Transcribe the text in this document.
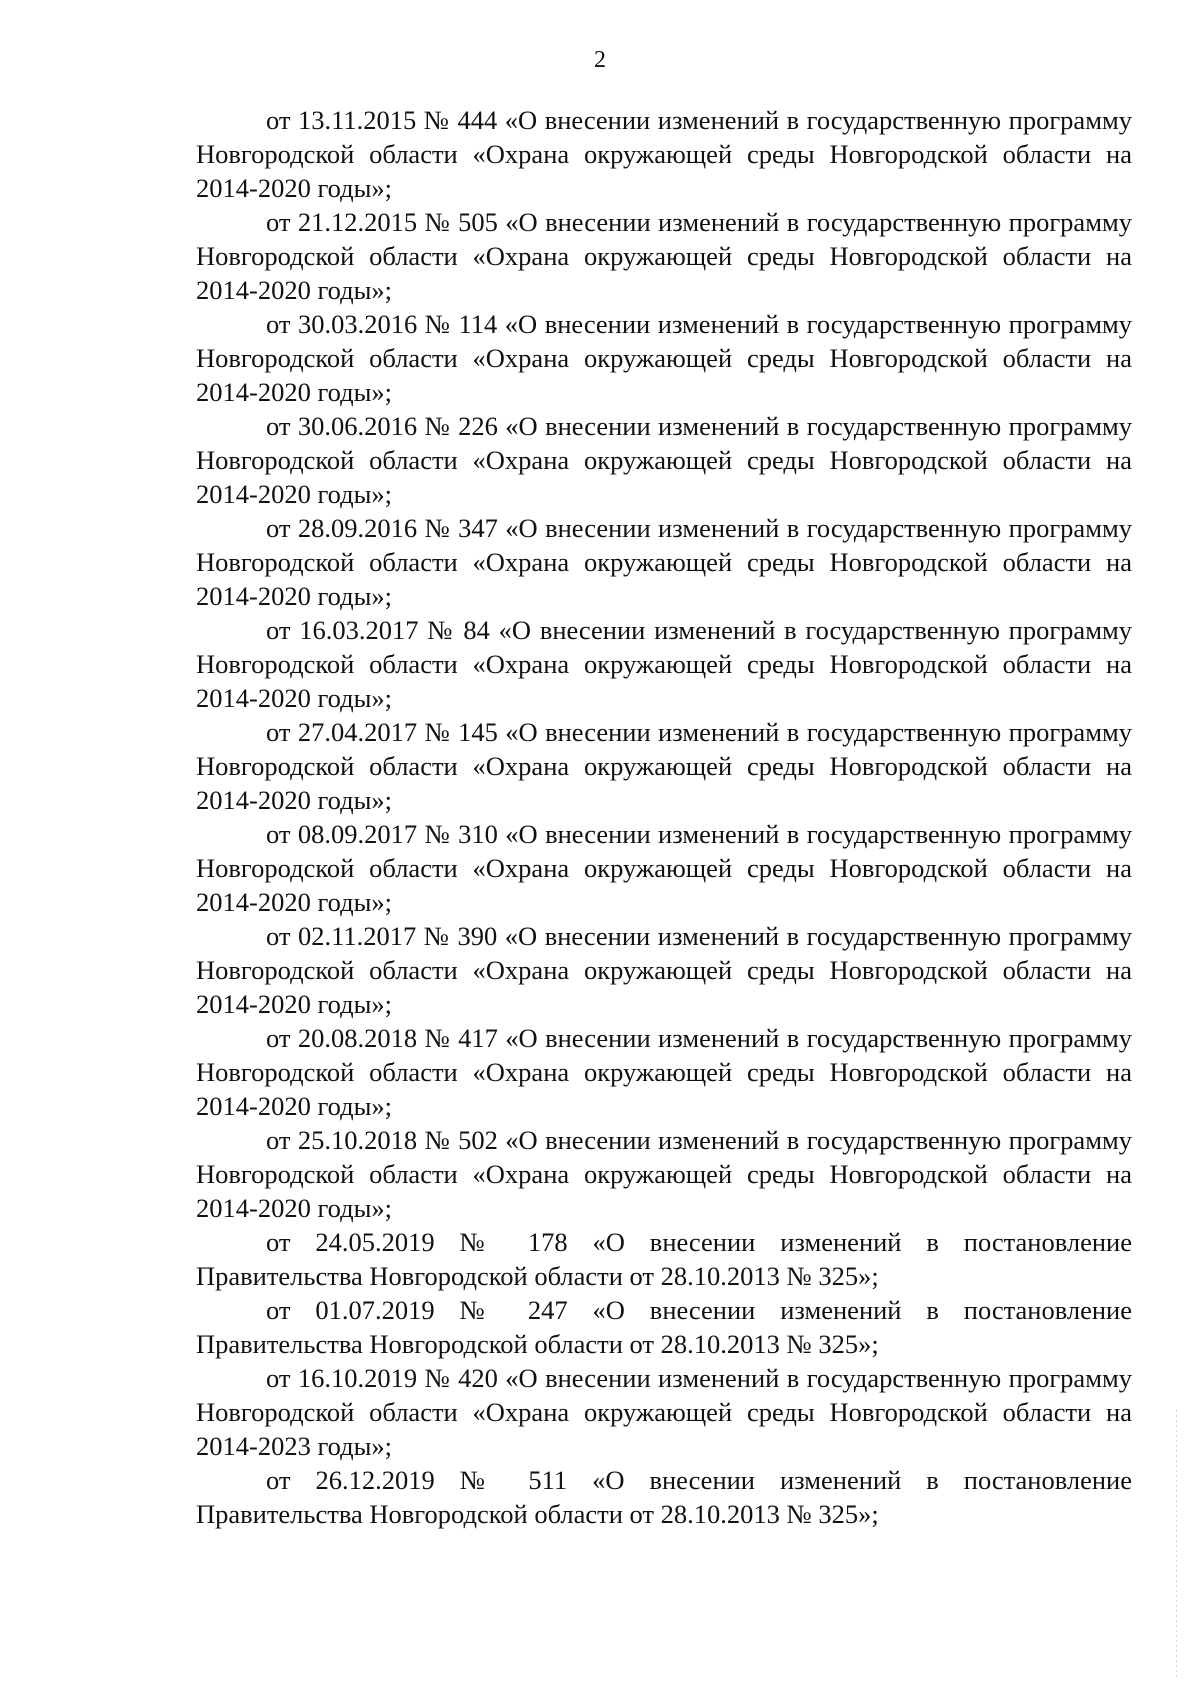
2

от 13.11.2015 № 444 «О внесении изменений в государственную программу Новгородской области «Охрана окружающей среды Новгородской области на 2014-2020 годы»;

от 21.12.2015 № 505 «О внесении изменений в государственную программу Новгородской области «Охрана окружающей среды Новгородской области на 2014-2020 годы»;

от 30.03.2016 № 114 «О внесении изменений в государственную программу Новгородской области «Охрана окружающей среды Новгородской области на 2014-2020 годы»;

от 30.06.2016 № 226 «О внесении изменений в государственную программу Новгородской области «Охрана окружающей среды Новгородской области на 2014-2020 годы»;

от 28.09.2016 № 347 «О внесении изменений в государственную программу Новгородской области «Охрана окружающей среды Новгородской области на 2014-2020 годы»;

от 16.03.2017 № 84 «О внесении изменений в государственную программу Новгородской области «Охрана окружающей среды Новгородской области на 2014-2020 годы»;

от 27.04.2017 № 145 «О внесении изменений в государственную программу Новгородской области «Охрана окружающей среды Новгородской области на 2014-2020 годы»;

от 08.09.2017 № 310 «О внесении изменений в государственную программу Новгородской области «Охрана окружающей среды Новгородской области на 2014-2020 годы»;

от 02.11.2017 № 390 «О внесении изменений в государственную программу Новгородской области «Охрана окружающей среды Новгородской области на 2014-2020 годы»;

от 20.08.2018 № 417 «О внесении изменений в государственную программу Новгородской области «Охрана окружающей среды Новгородской области на 2014-2020 годы»;

от 25.10.2018 № 502 «О внесении изменений в государственную программу Новгородской области «Охрана окружающей среды Новгородской области на 2014-2020 годы»;

от 24.05.2019 № 178 «О внесении изменений в постановление Правительства Новгородской области от 28.10.2013 № 325»;

от 01.07.2019 № 247 «О внесении изменений в постановление Правительства Новгородской области от 28.10.2013 № 325»;

от 16.10.2019 № 420 «О внесении изменений в государственную программу Новгородской области «Охрана окружающей среды Новгородской области на 2014-2023 годы»;

от 26.12.2019 № 511 «О внесении изменений в постановление Правительства Новгородской области от 28.10.2013 № 325»;
